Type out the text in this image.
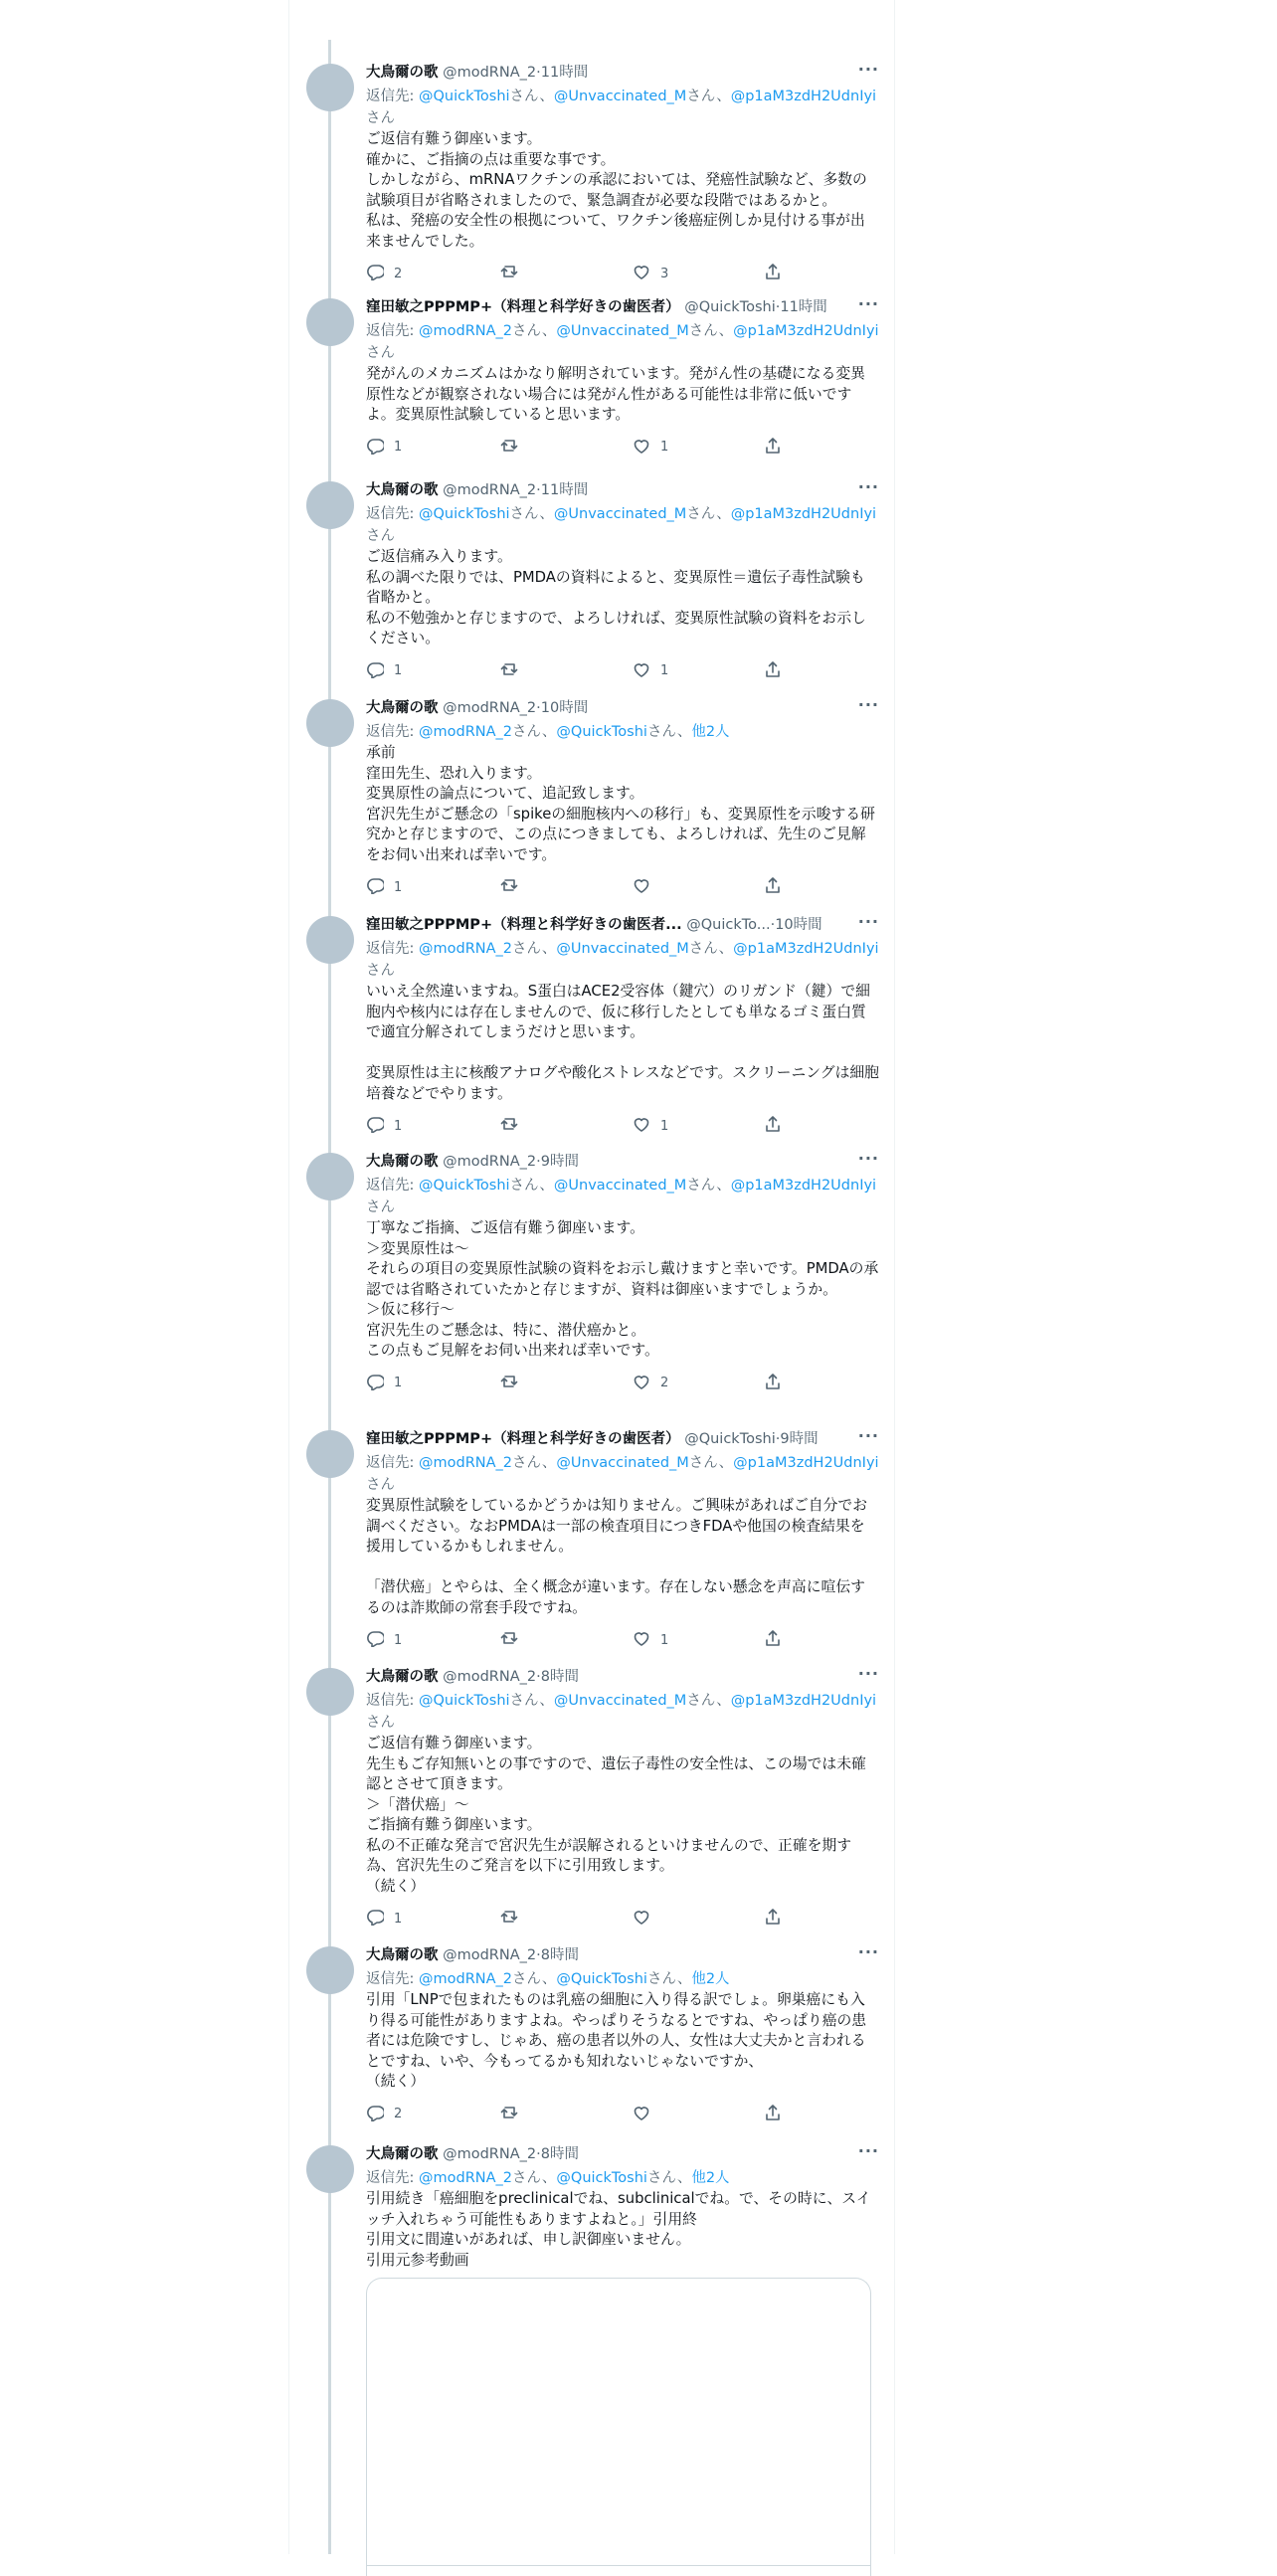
大鳥爾の歌 @modRNA_2·11時間	···
返信先: @QuickToshiさん、@Unvaccinated_Mさん、@p1aM3zdH2UdnIyiさん

ご返信有難う御座います。

確かに、ご指摘の点は重要な事です。

しかしながら、mRNAワクチンの承認においては、発癌性試験など、多数の試験項目が省略されましたので、緊急調査が必要な段階ではあるかと。

私は、発癌の安全性の根拠について、ワクチン後癌症例しか見付ける事が出来ませんでした。

2	3
窪田敏之PPPMP+（料理と科学好きの歯医者） @QuickToshi·11時間 ···
返信先: @modRNA_2さん、@Unvaccinated_Mさん、@p1aM3zdH2UdnIyiさん

発がんのメカニズムはかなり解明されています。発がん性の基礎になる変異原性などが観察されない場合には発がん性がある可能性は非常に低いですよ。変異原性試験していると思います。

1	1
大鳥爾の歌 @modRNA_2·11時間	···
返信先: @QuickToshiさん、@Unvaccinated_Mさん、@p1aM3zdH2UdnIyiさん

ご返信痛み入ります。

私の調べた限りでは、PMDAの資料によると、変異原性＝遺伝子毒性試験も省略かと。

私の不勉強かと存じますので、よろしければ、変異原性試験の資料をお示しください。

1	1
大鳥爾の歌 @modRNA_2·10時間	···
返信先: @modRNA_2さん、@QuickToshiさん、他2人

承前

窪田先生、恐れ入ります。

変異原性の論点について、追記致します。

宮沢先生がご懸念の「spikeの細胞核内への移行」も、変異原性を示唆する研究かと存じますので、この点につきましても、よろしければ、先生のご見解をお伺い出来れば幸いです。

1
窪田敏之PPPMP+（料理と科学好きの歯医者... @QuickTo...·10時間 ···
返信先: @modRNA_2さん、@Unvaccinated_Mさん、@p1aM3zdH2UdnIyiさん

いいえ全然違いますね。S蛋白はACE2受容体（鍵穴）のリガンド（鍵）で細胞内や核内には存在しませんので、仮に移行したとしても単なるゴミ蛋白質で適宜分解されてしまうだけと思います。

変異原性は主に核酸アナログや酸化ストレスなどです。スクリーニングは細胞培養などでやります。

1	1
大鳥爾の歌 @modRNA_2·9時間	···
返信先: @QuickToshiさん、@Unvaccinated_Mさん、@p1aM3zdH2UdnIyiさん

丁寧なご指摘、ご返信有難う御座います。

＞変異原性は～

それらの項目の変異原性試験の資料をお示し戴けますと幸いです。PMDAの承認では省略されていたかと存じますが、資料は御座いますでしょうか。

＞仮に移行～

宮沢先生のご懸念は、特に、潜伏癌かと。

この点もご見解をお伺い出来れば幸いです。

1	2
窪田敏之PPPMP+（料理と科学好きの歯医者） @QuickToshi·9時間	···
返信先: @modRNA_2さん、@Unvaccinated_Mさん、@p1aM3zdH2UdnIyiさん

変異原性試験をしているかどうかは知りません。ご興味があればご自分でお調べください。なおPMDAは一部の検査項目につきFDAや他国の検査結果を援用しているかもしれません。

「潜伏癌」とやらは、全く概念が違います。存在しない懸念を声高に喧伝するのは詐欺師の常套手段ですね。

1	1
大鳥爾の歌 @modRNA_2·8時間	···
返信先: @QuickToshiさん、@Unvaccinated_Mさん、@p1aM3zdH2UdnIyiさん

ご返信有難う御座います。

先生もご存知無いとの事ですので、遺伝子毒性の安全性は、この場では未確認とさせて頂きます。

＞「潜伏癌」～

ご指摘有難う御座います。

私の不正確な発言で宮沢先生が誤解されるといけませんので、正確を期す為、宮沢先生のご発言を以下に引用致します。

（続く）

1
大鳥爾の歌 @modRNA_2·8時間	···
返信先: @modRNA_2さん、@QuickToshiさん、他2人

引用「LNPで包まれたものは乳癌の細胞に入り得る訳でしょ。卵巣癌にも入り得る可能性がありますよね。やっぱりそうなるとですね、やっぱり癌の患者には危険ですし、じゃあ、癌の患者以外の人、女性は大丈夫かと言われるとですね、いや、今もってるかも知れないじゃないですか、

（続く）

2
大鳥爾の歌 @modRNA_2·8時間	···
返信先: @modRNA_2さん、@QuickToshiさん、他2人

引用続き「癌細胞をpreclinicalでね、subclinicalでね。で、その時に、スイッチ入れちゃう可能性もありますよねと。」引用終

引用文に間違いがあれば、申し訳御座いません。

引用元参考動画
